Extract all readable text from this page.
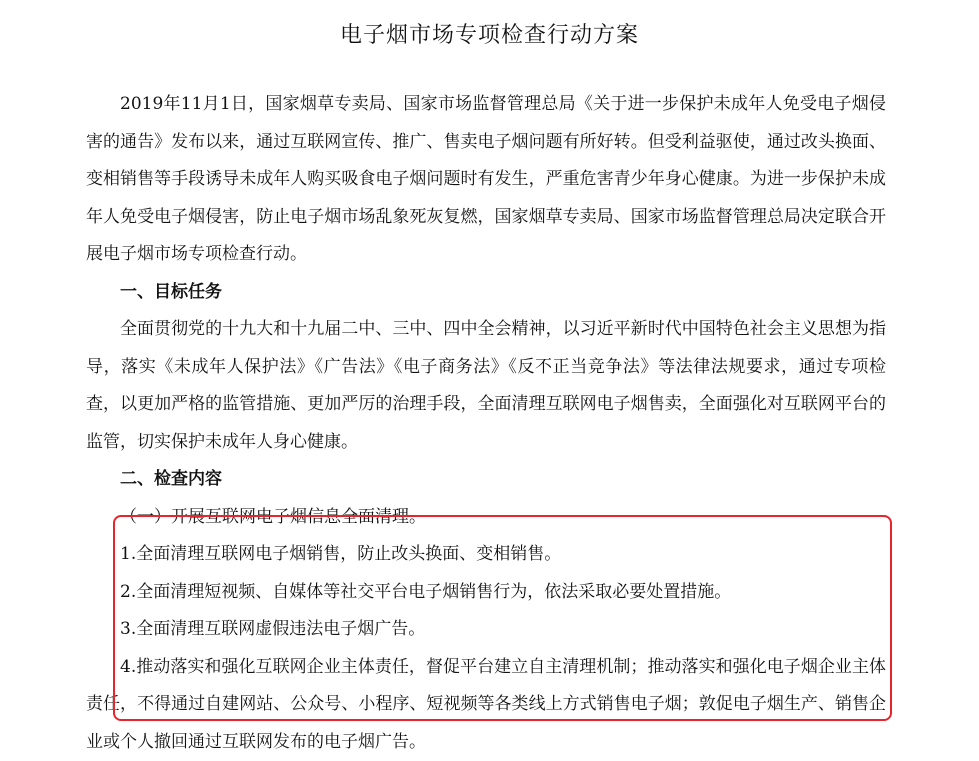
电子烟市场专项检查行动方案

2019年11月1日，国家烟草专卖局、国家市场监督管理总局《关于进一步保护未成年人免受电子烟侵害的通告》发布以来，通过互联网宣传、推广、售卖电子烟问题有所好转。但受利益驱使，通过改头换面、变相销售等手段诱导未成年人购买吸食电子烟问题时有发生，严重危害青少年身心健康。为进一步保护未成年人免受电子烟侵害，防止电子烟市场乱象死灰复燃，国家烟草专卖局、国家市场监督管理总局决定联合开展电子烟市场专项检查行动。

一、目标任务

全面贯彻党的十九大和十九届二中、三中、四中全会精神，以习近平新时代中国特色社会主义思想为指导，落实《未成年人保护法》《广告法》《电子商务法》《反不正当竞争法》等法律法规要求，通过专项检查，以更加严格的监管措施、更加严厉的治理手段，全面清理互联网电子烟售卖，全面强化对互联网平台的监管，切实保护未成年人身心健康。

二、检查内容

（一）开展互联网电子烟信息全面清理。

1.全面清理互联网电子烟销售，防止改头换面、变相销售。

2.全面清理短视频、自媒体等社交平台电子烟销售行为，依法采取必要处置措施。

3.全面清理互联网虚假违法电子烟广告。

4.推动落实和强化互联网企业主体责任，督促平台建立自主清理机制；推动落实和强化电子烟企业主体责任，不得通过自建网站、公众号、小程序、短视频等各类线上方式销售电子烟；敦促电子烟生产、销售企业或个人撤回通过互联网发布的电子烟广告。
